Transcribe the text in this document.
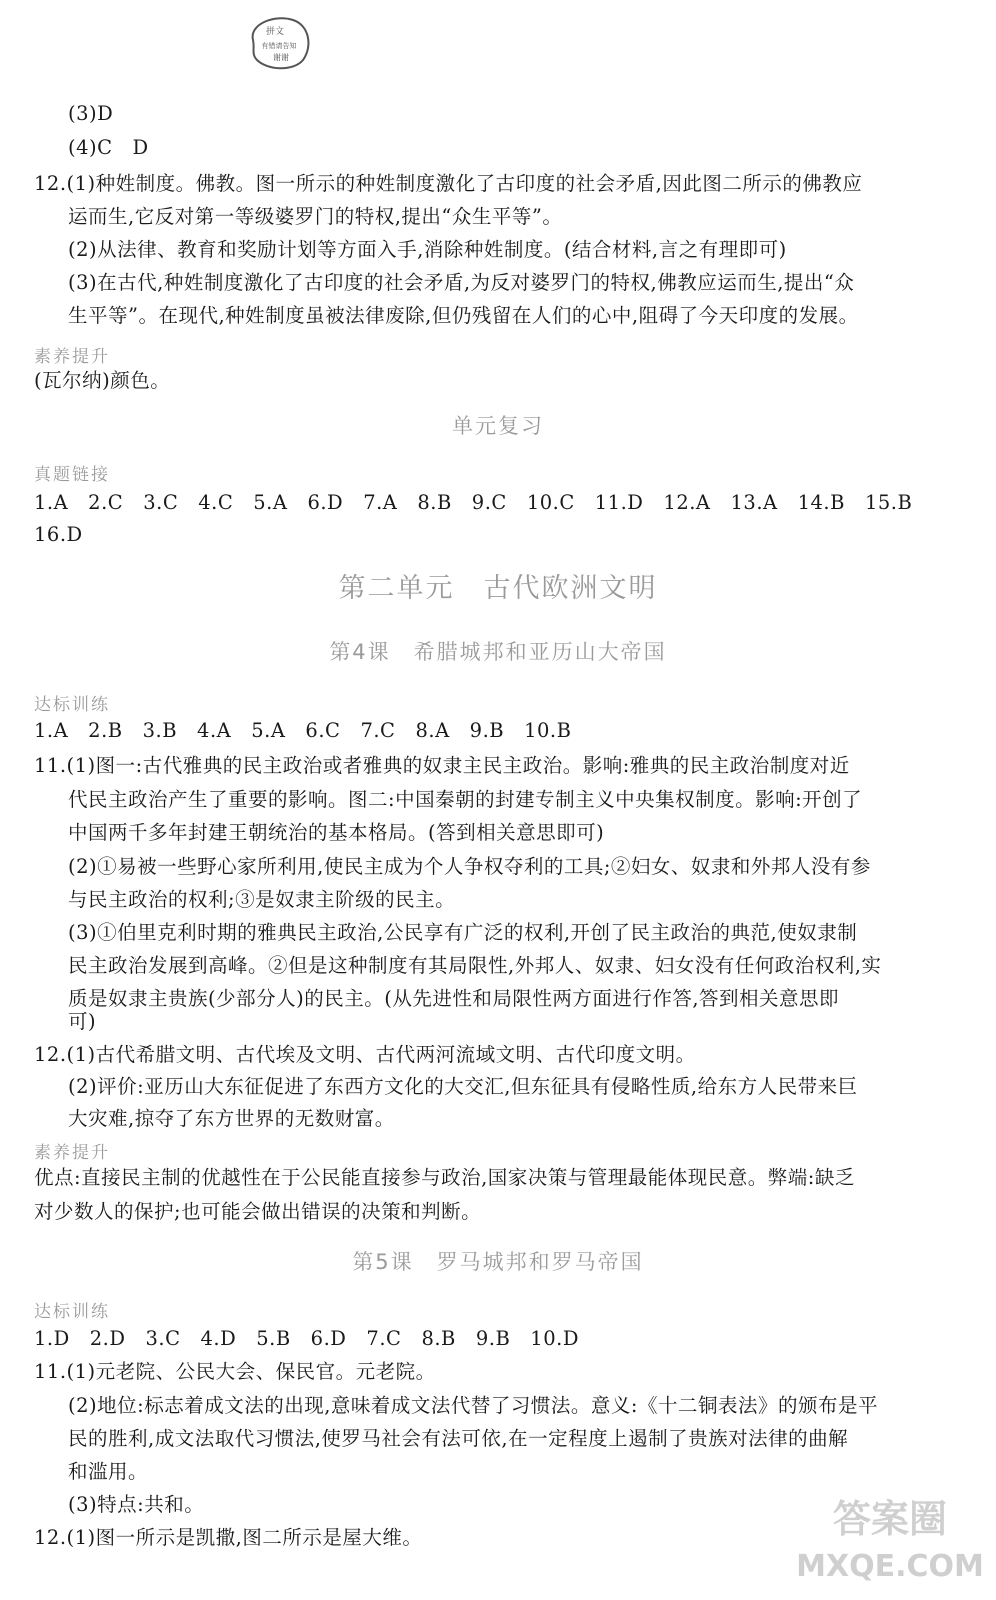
拼文
有错请告知
谢谢
(3)D
(4)C　D
12.(1)种姓制度。佛教。图一所示的种姓制度激化了古印度的社会矛盾,因此图二所示的佛教应
运而生,它反对第一等级婆罗门的特权,提出“众生平等”。
(2)从法律、教育和奖励计划等方面入手,消除种姓制度。(结合材料,言之有理即可)
(3)在古代,种姓制度激化了古印度的社会矛盾,为反对婆罗门的特权,佛教应运而生,提出“众
生平等”。在现代,种姓制度虽被法律废除,但仍残留在人们的心中,阻碍了今天印度的发展。
素养提升
(瓦尔纳)颜色。
单元复习
真题链接
1.A　2.C　3.C　4.C　5.A　6.D　7.A　8.B　9.C　10.C　11.D　12.A　13.A　14.B　15.B
16.D
第二单元　古代欧洲文明
第4课　希腊城邦和亚历山大帝国
达标训练
1.A　2.B　3.B　4.A　5.A　6.C　7.C　8.A　9.B　10.B
11.(1)图一:古代雅典的民主政治或者雅典的奴隶主民主政治。影响:雅典的民主政治制度对近
代民主政治产生了重要的影响。图二:中国秦朝的封建专制主义中央集权制度。影响:开创了
中国两千多年封建王朝统治的基本格局。(答到相关意思即可)
(2)①易被一些野心家所利用,使民主成为个人争权夺利的工具;②妇女、奴隶和外邦人没有参
与民主政治的权利;③是奴隶主阶级的民主。
(3)①伯里克利时期的雅典民主政治,公民享有广泛的权利,开创了民主政治的典范,使奴隶制
民主政治发展到高峰。②但是这种制度有其局限性,外邦人、奴隶、妇女没有任何政治权利,实
质是奴隶主贵族(少部分人)的民主。(从先进性和局限性两方面进行作答,答到相关意思即
可)
12.(1)古代希腊文明、古代埃及文明、古代两河流域文明、古代印度文明。
(2)评价:亚历山大东征促进了东西方文化的大交汇,但东征具有侵略性质,给东方人民带来巨
大灾难,掠夺了东方世界的无数财富。
素养提升
优点:直接民主制的优越性在于公民能直接参与政治,国家决策与管理最能体现民意。弊端:缺乏
对少数人的保护;也可能会做出错误的决策和判断。
第5课　罗马城邦和罗马帝国
达标训练
1.D　2.D　3.C　4.D　5.B　6.D　7.C　8.B　9.B　10.D
11.(1)元老院、公民大会、保民官。元老院。
(2)地位:标志着成文法的出现,意味着成文法代替了习惯法。意义:《十二铜表法》的颁布是平
民的胜利,成文法取代习惯法,使罗马社会有法可依,在一定程度上遏制了贵族对法律的曲解
和滥用。
(3)特点:共和。
12.(1)图一所示是凯撒,图二所示是屋大维。	答案圈
MXQE.COM
